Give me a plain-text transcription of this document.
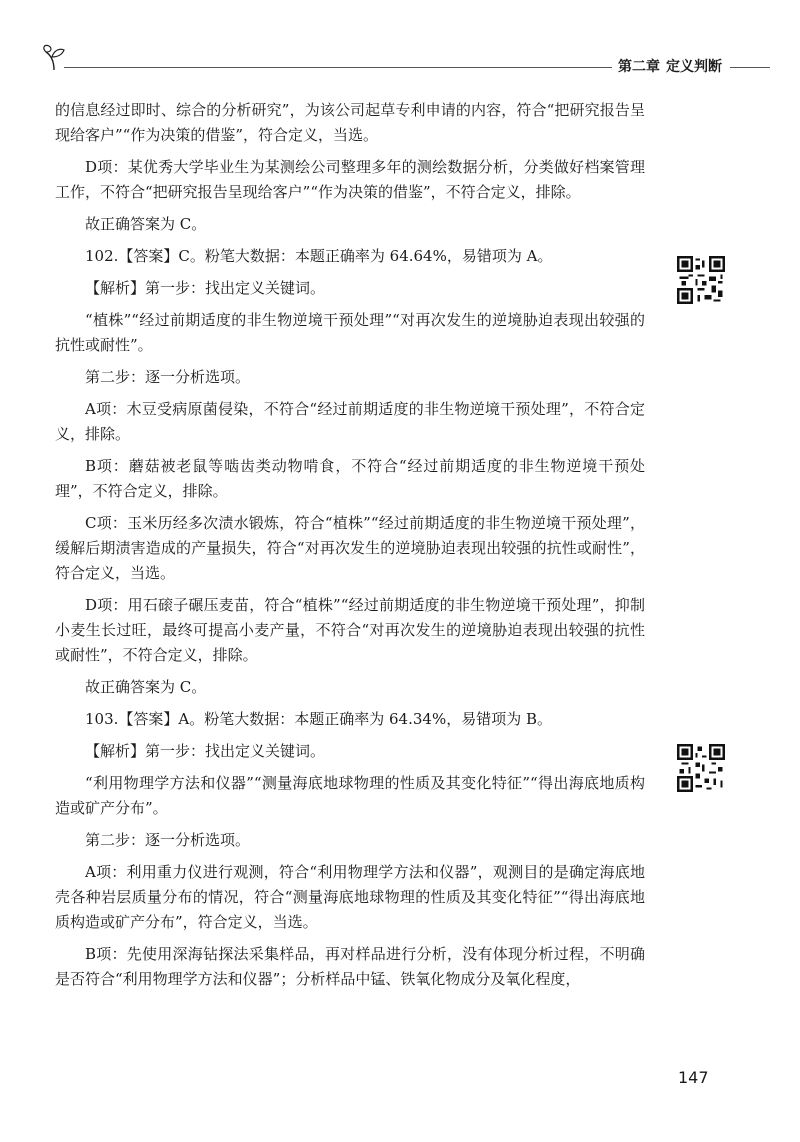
第二章 定义判断

的信息经过即时、综合的分析研究”，为该公司起草专利申请的内容，符合“把研究报告呈现给客户”“作为决策的借鉴”，符合定义，当选。

D项：某优秀大学毕业生为某测绘公司整理多年的测绘数据分析，分类做好档案管理工作，不符合“把研究报告呈现给客户”“作为决策的借鉴”，不符合定义，排除。

故正确答案为 C。

102.【答案】C。粉笔大数据：本题正确率为 64.64%，易错项为 A。

【解析】第一步：找出定义关键词。

“植株”“经过前期适度的非生物逆境干预处理”“对再次发生的逆境胁迫表现出较强的抗性或耐性”。

第二步：逐一分析选项。

A项：木豆受病原菌侵染，不符合“经过前期适度的非生物逆境干预处理”，不符合定义，排除。

B项：蘑菇被老鼠等啮齿类动物啃食，不符合“经过前期适度的非生物逆境干预处理”，不符合定义，排除。

C项：玉米历经多次渍水锻炼，符合“植株”“经过前期适度的非生物逆境干预处理”，缓解后期渍害造成的产量损失，符合“对再次发生的逆境胁迫表现出较强的抗性或耐性”，符合定义，当选。

D项：用石磙子碾压麦苗，符合“植株”“经过前期适度的非生物逆境干预处理”，抑制小麦生长过旺，最终可提高小麦产量，不符合“对再次发生的逆境胁迫表现出较强的抗性或耐性”，不符合定义，排除。

故正确答案为 C。

103.【答案】A。粉笔大数据：本题正确率为 64.34%，易错项为 B。

【解析】第一步：找出定义关键词。

“利用物理学方法和仪器”“测量海底地球物理的性质及其变化特征”“得出海底地质构造或矿产分布”。

第二步：逐一分析选项。

A项：利用重力仪进行观测，符合“利用物理学方法和仪器”，观测目的是确定海底地壳各种岩层质量分布的情况，符合“测量海底地球物理的性质及其变化特征”“得出海底地质构造或矿产分布”，符合定义，当选。

B项：先使用深海钻探法采集样品，再对样品进行分析，没有体现分析过程，不明确是否符合“利用物理学方法和仪器”；分析样品中锰、铁氧化物成分及氧化程度，

147
